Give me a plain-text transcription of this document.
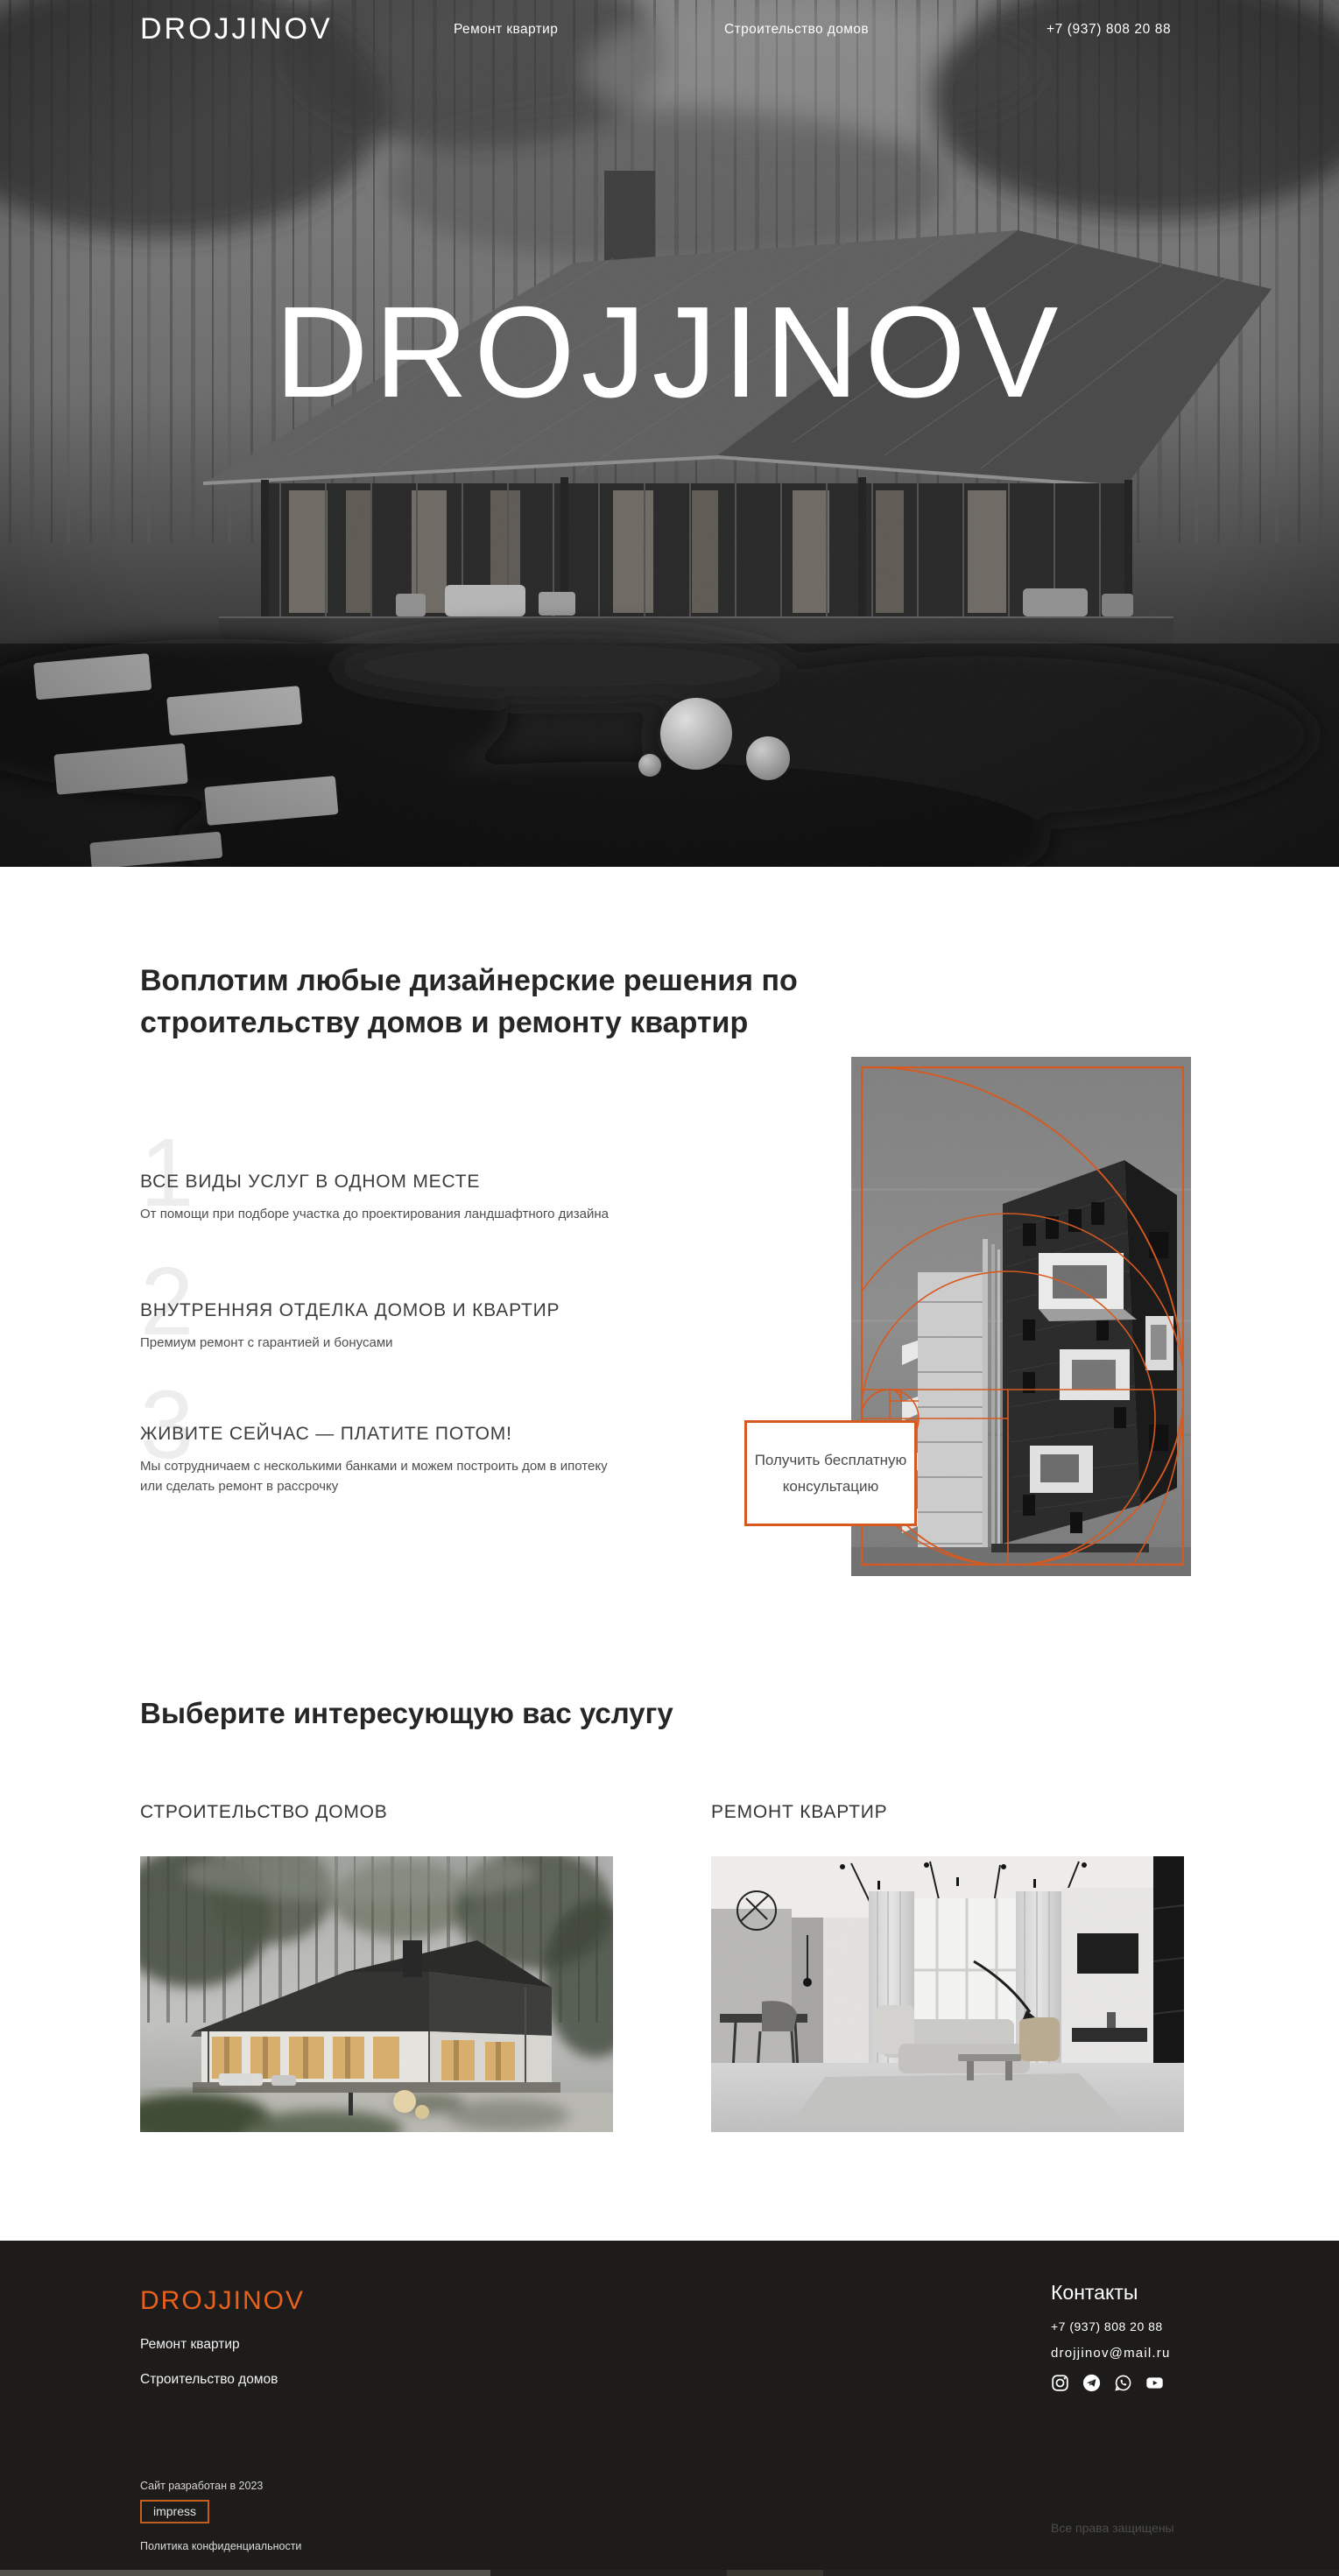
DROJJINOV	Ремонт квартир	Строительство домов	+7 (937) 808 20 88
DROJJINOV
Воплотим любые дизайнерские решения по строительству домов и ремонту квартир
1
ВСЕ ВИДЫ УСЛУГ В ОДНОМ МЕСТЕ
От помощи при подборе участка до проектирования ландшафтного дизайна
2
ВНУТРЕННЯЯ ОТДЕЛКА ДОМОВ И КВАРТИР
Премиум ремонт с гарантией и бонусами
3
ЖИВИТЕ СЕЙЧАС — ПЛАТИТЕ ПОТОМ!
Мы сотрудничаем с несколькими банками и можем построить дом в ипотеку или сделать ремонт в рассрочку
Получить бесплатную консультацию
Выберите интересующую вас услугу
СТРОИТЕЛЬСТВО ДОМОВ	РЕМОНТ КВАРТИР
DROJJINOV
Ремонт квартир
Строительство домов
Контакты
+7 (937) 808 20 88
drojjinov@mail.ru
Сайт разработан в 2023
impress
Политика конфиденциальности
Все права защищены
